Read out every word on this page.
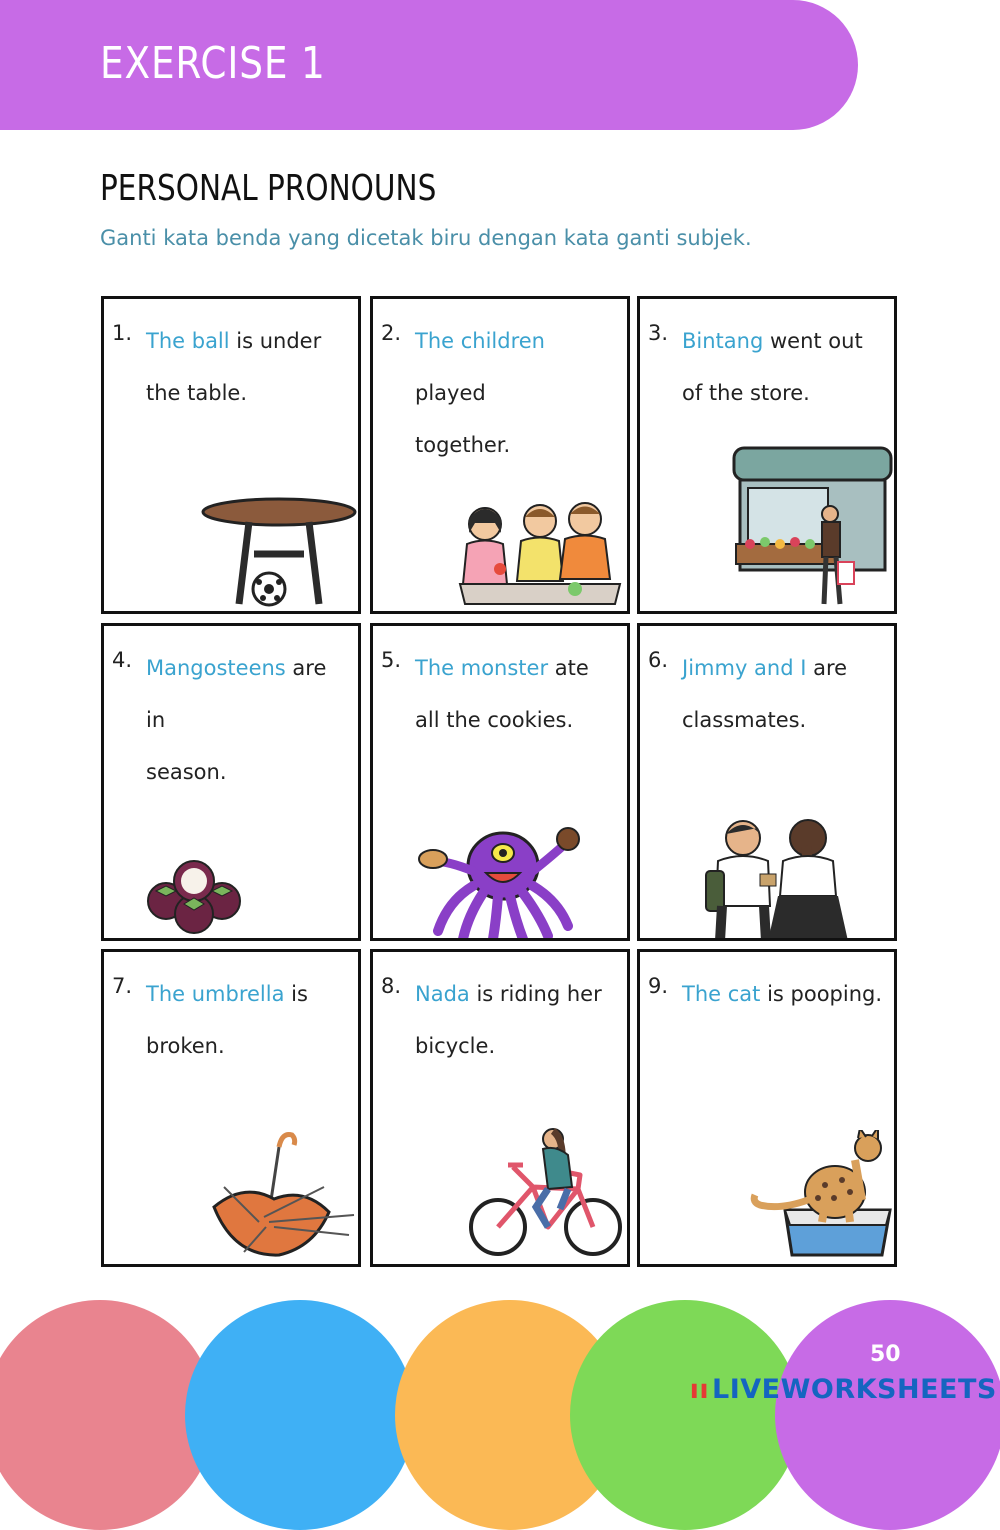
EXERCISE 1
PERSONAL PRONOUNS
Ganti kata benda yang dicetak biru dengan kata ganti subjek.
1. The ball is under
the table.
2. The children played
together.
3. Bintang went out
of the store.
4. Mangosteens are in
season.
5. The monster ate
all the cookies.
6. Jimmy and I are
classmates.
7. The umbrella is
broken.
8. Nada is riding her
bicycle.
9. The cat is pooping.
50
▌▌LIVEWORKSHEETS
